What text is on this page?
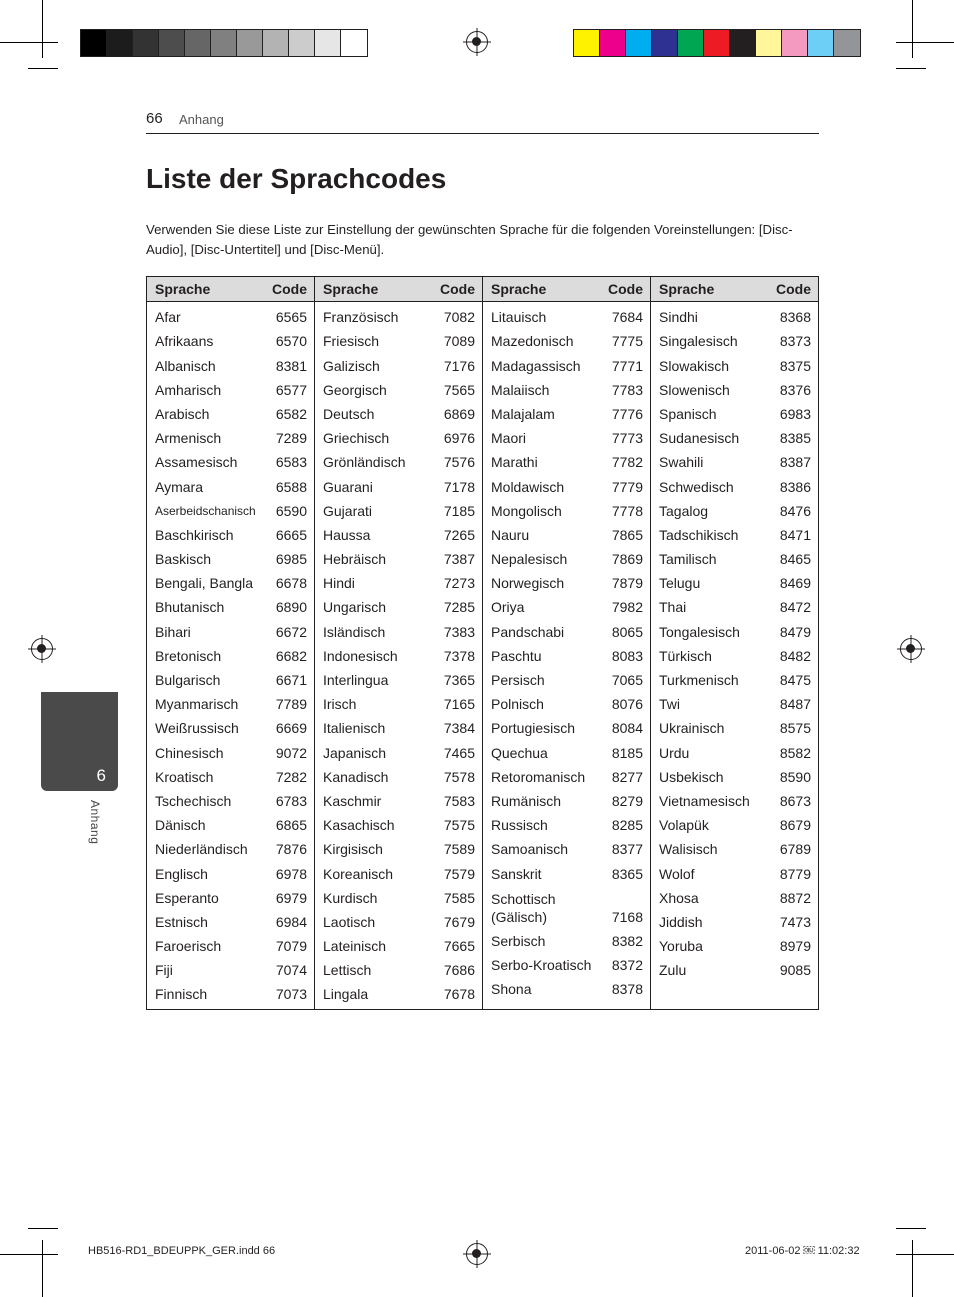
66 Anhang
Liste der Sprachcodes

Verwenden Sie diese Liste zur Einstellung der gewünschten Sprache für die folgenden Voreinstellungen: [Disc-Audio], [Disc-Untertitel] und [Disc-Menü].

Sprache	Code
Afar	6565
Afrikaans	6570
Albanisch	8381
Amharisch	6577
Arabisch	6582
Armenisch	7289
Assamesisch	6583
Aymara	6588
Aserbeidschanisch	6590
Baschkirisch	6665
Baskisch	6985
Bengali, Bangla	6678
Bhutanisch	6890
Bihari	6672
Bretonisch	6682
Bulgarisch	6671
Myanmarisch	7789
Weißrussisch	6669
Chinesisch	9072
Kroatisch	7282
Tschechisch	6783
Dänisch	6865
Niederländisch	7876
Englisch	6978
Esperanto	6979
Estnisch	6984
Faroerisch	7079
Fiji	7074
Finnisch	7073
Sprache	Code
Französisch	7082
Friesisch	7089
Galizisch	7176
Georgisch	7565
Deutsch	6869
Griechisch	6976
Grönländisch	7576
Guarani	7178
Gujarati	7185
Haussa	7265
Hebräisch	7387
Hindi	7273
Ungarisch	7285
Isländisch	7383
Indonesisch	7378
Interlingua	7365
Irisch	7165
Italienisch	7384
Japanisch	7465
Kanadisch	7578
Kaschmir	7583
Kasachisch	7575
Kirgisisch	7589
Koreanisch	7579
Kurdisch	7585
Laotisch	7679
Lateinisch	7665
Lettisch	7686
Lingala	7678
Sprache	Code
Litauisch	7684
Mazedonisch	7775
Madagassisch	7771
Malaiisch	7783
Malajalam	7776
Maori	7773
Marathi	7782
Moldawisch	7779
Mongolisch	7778
Nauru	7865
Nepalesisch	7869
Norwegisch	7879
Oriya	7982
Pandschabi	8065
Paschtu	8083
Persisch	7065
Polnisch	8076
Portugiesisch	8084
Quechua	8185
Retoromanisch	8277
Rumänisch	8279
Russisch	8285
Samoanisch	8377
Sanskrit	8365
Schottisch (Gälisch)	7168
Serbisch	8382
Serbo-Kroatisch	8372
Shona	8378
Sprache	Code
Sindhi	8368
Singalesisch	8373
Slowakisch	8375
Slowenisch	8376
Spanisch	6983
Sudanesisch	8385
Swahili	8387
Schwedisch	8386
Tagalog	8476
Tadschikisch	8471
Tamilisch	8465
Telugu	8469
Thai	8472
Tongalesisch	8479
Türkisch	8482
Turkmenisch	8475
Twi	8487
Ukrainisch	8575
Urdu	8582
Usbekisch	8590
Vietnamesisch	8673
Volapük	8679
Walisisch	6789
Wolof	8779
Xhosa	8872
Jiddish	7473
Yoruba	8979
Zulu	9085
6
Anhang
HB516-RD1_BDEUPPK_GER.indd 66	2011-06-02 ￼ 11:02:32
